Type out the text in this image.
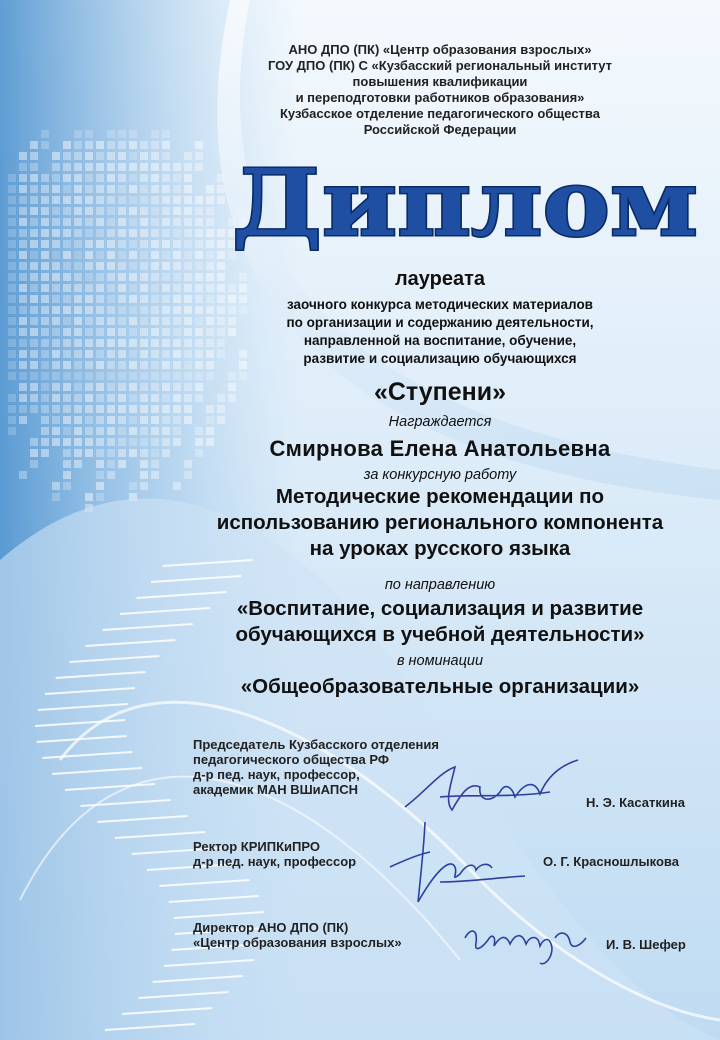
АНО ДПО (ПК) «Центр образования взрослых»
ГОУ ДПО (ПК) С «Кузбасский региональный институт
повышения квалификации
и переподготовки работников образования»
Кузбасское отделение педагогического общества
Российской Федерации
Диплом
лауреата
заочного конкурса методических материалов
по организации и содержанию деятельности,
направленной на воспитание, обучение,
развитие и социализацию обучающихся
«Ступени»
Награждается
Смирнова Елена Анатольевна
за конкурсную работу
Методические рекомендации по
использованию регионального компонента
на уроках русского языка
по направлению
«Воспитание, социализация и развитие
обучающихся в учебной деятельности»
в номинации
«Общеобразовательные организации»
Председатель Кузбасского отделения
педагогического общества РФ
д-р пед. наук, профессор,
академик МАН ВШиАПСН
Н. Э. Касаткина
Ректор КРИПКиПРО
д-р пед. наук, профессор	О. Г. Красношлыкова
Директор АНО ДПО (ПК)
«Центр образования взрослых»	И. В. Шефер
